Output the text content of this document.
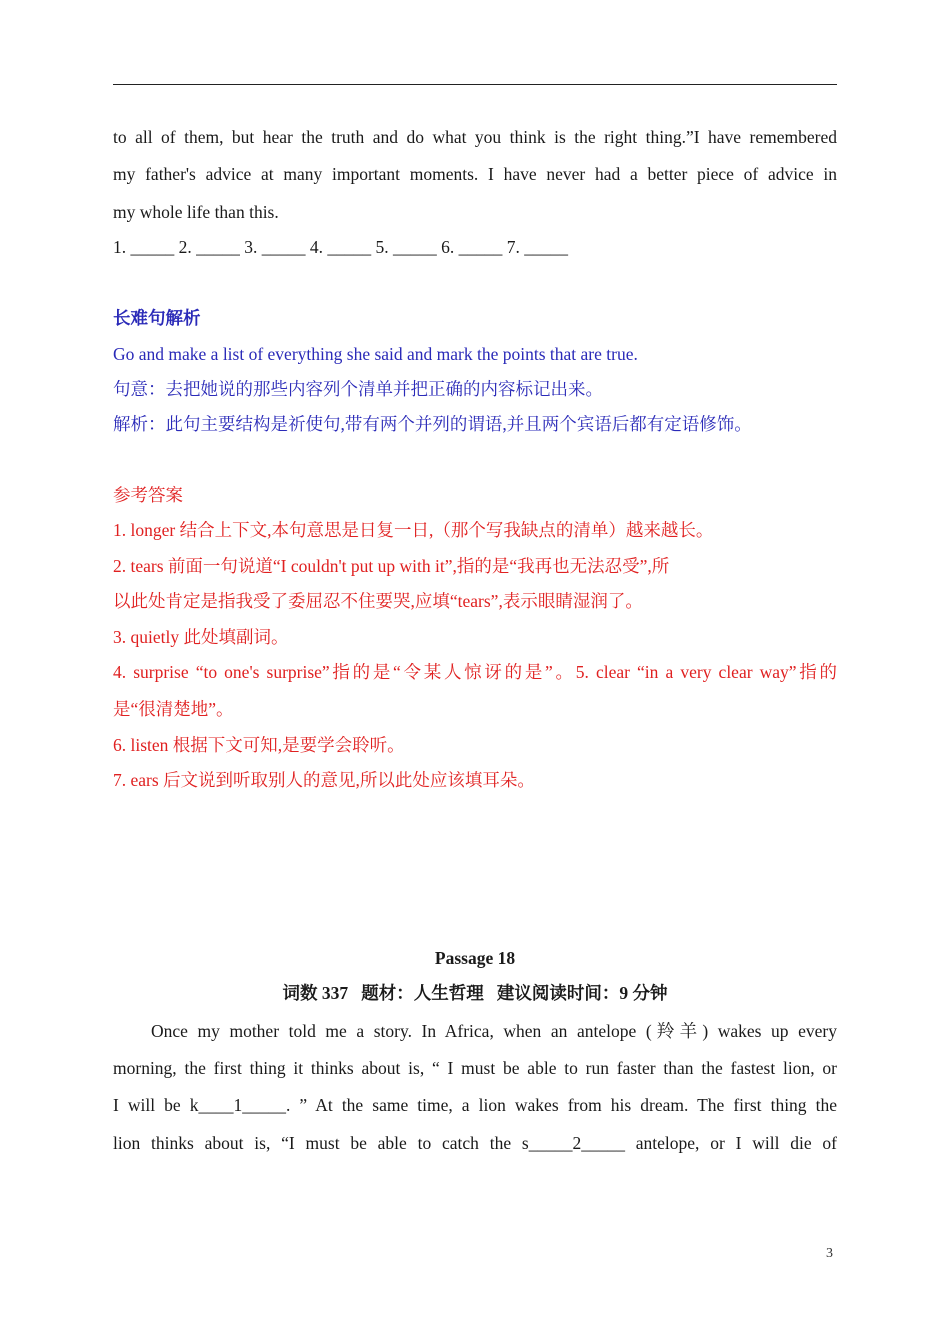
to all of them, but hear the truth and do what you think is the right thing.”I have remembered
my father's advice at many important moments. I have never had a better piece of advice in
my whole life than this.
1. _____ 2. _____ 3. _____ 4. _____ 5. _____ 6. _____ 7. _____
长难句解析
Go and make a list of everything she said and mark the points that are true.
句意：去把她说的那些内容列个清单并把正确的内容标记出来。
解析：此句主要结构是祈使句,带有两个并列的谓语,并且两个宾语后都有定语修饰。
参考答案
1. longer 结合上下文,本句意思是日复一日,（那个写我缺点的清单）越来越长。
2. tears 前面一句说道“I couldn't put up with it”,指的是“我再也无法忍受”,所
以此处肯定是指我受了委屈忍不住要哭,应填“tears”,表示眼睛湿润了。
3. quietly 此处填副词。
4. surprise “to one's surprise”指的是“令某人惊讶的是”。5. clear “in a very clear way”指的
是“很清楚地”。
6. listen 根据下文可知,是要学会聆听。
7. ears 后文说到听取别人的意见,所以此处应该填耳朵。
Passage 18
词数 337   题材：人生哲理   建议阅读时间：9 分钟
Once my mother told me a story. In Africa, when an antelope (羚羊) wakes up every
morning, the first thing it thinks about is, “ I must be able to run faster than the fastest lion, or
I will be k____1_____. ” At the same time, a lion wakes from his dream. The first thing the
lion thinks about is, “I must be able to catch the s_____2_____ antelope, or I will die of
3
